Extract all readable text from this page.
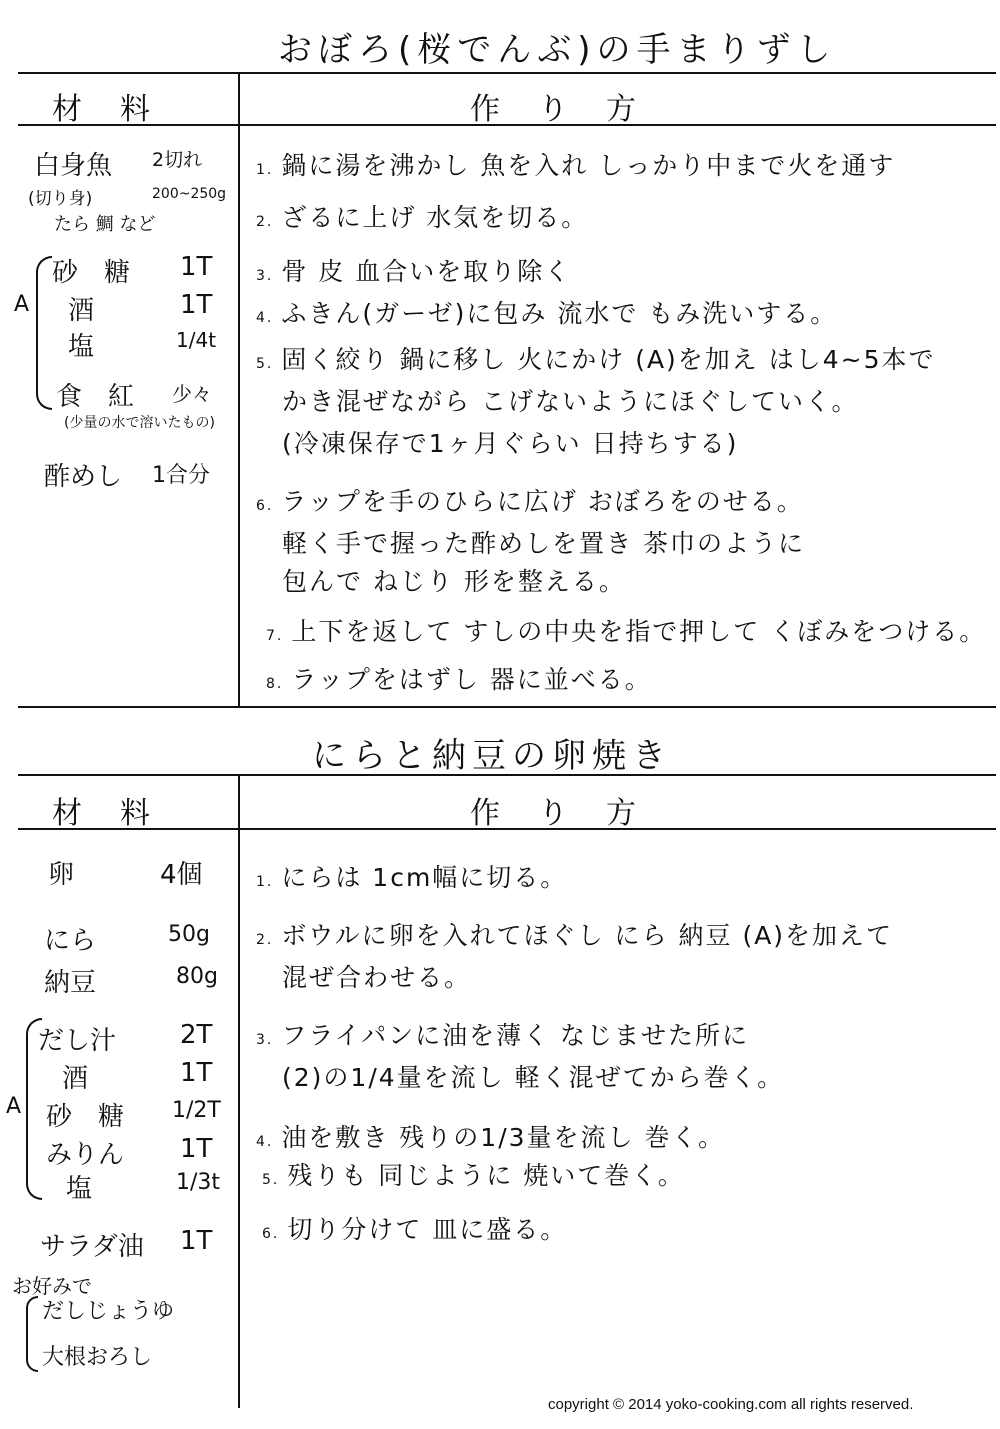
おぼろ(桜でんぶ)の手まりずし
材　料	作　り　方
白身魚 2切れ
(切り身)	200~250g
たら 鯛 など
A
砂　糖 1T
酒	1T
塩	1/4t
食　紅 少々
(少量の水で溶いたもの)
酢めし 1合分
1. 鍋に湯を沸かし 魚を入れ しっかり中まで火を通す
2. ざるに上げ 水気を切る。
3. 骨 皮 血合いを取り除く
4. ふきん(ガーゼ)に包み 流水で もみ洗いする。
5. 固く絞り 鍋に移し 火にかけ (A)を加え はし4~5本で
かき混ぜながら こげないようにほぐしていく。
(冷凍保存で1ヶ月ぐらい 日持ちする)
6. ラップを手のひらに広げ おぼろをのせる。
軽く手で握った酢めしを置き 茶巾のように
包んで ねじり 形を整える。
7. 上下を返して すしの中央を指で押して くぼみをつける。
8. ラップをはずし 器に並べる。
にらと納豆の卵焼き
材　料	作　り　方
卵	4個
にら	50g
納豆	80g
A
だし汁 2T
酒	1T
砂　糖 1/2T
みりん 1T
塩	1/3t
サラダ油 1T
お好みで
だしじょうゆ
大根おろし
1. にらは 1cm幅に切る。
2. ボウルに卵を入れてほぐし にら 納豆 (A)を加えて
混ぜ合わせる。
3. フライパンに油を薄く なじませた所に
(2)の1/4量を流し 軽く混ぜてから巻く。
4. 油を敷き 残りの1/3量を流し 巻く。
5. 残りも 同じように 焼いて巻く。
6. 切り分けて 皿に盛る。
copyright © 2014 yoko-cooking.com all rights reserved.
